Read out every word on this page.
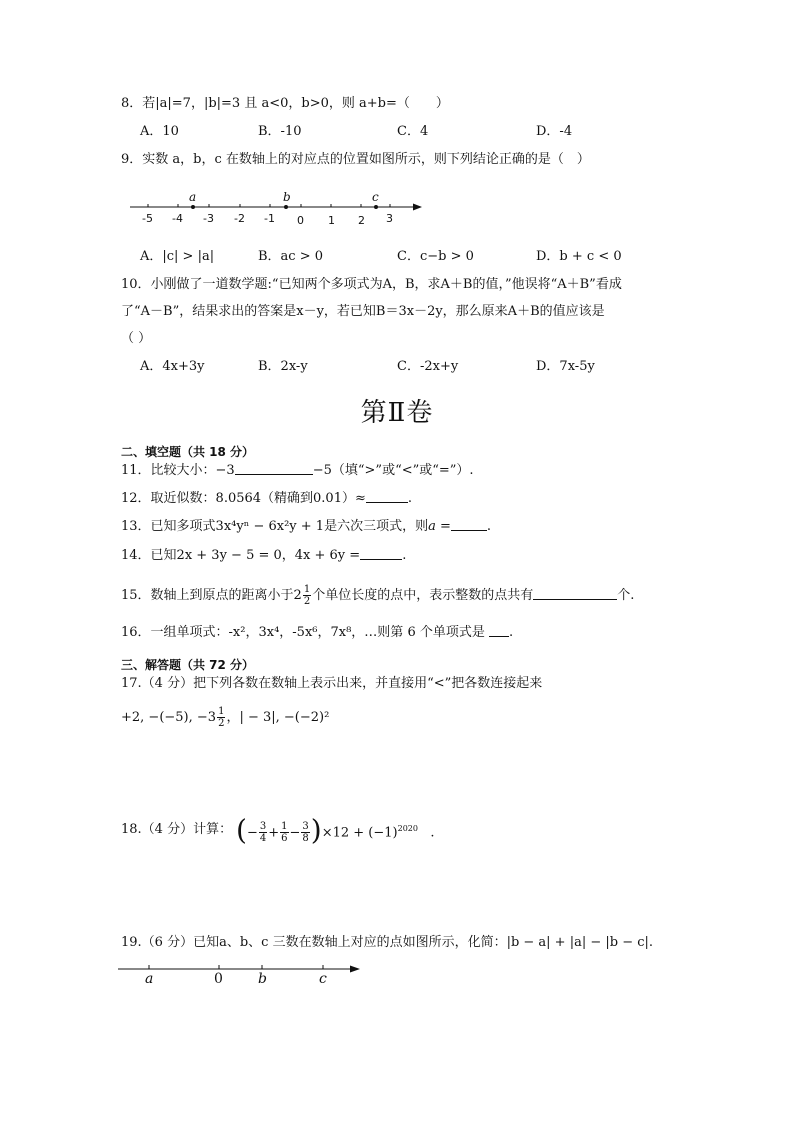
8．若|a|=7，|b|=3 且 a<0，b>0，则 a+b=（　　）
A．10	B．-10	C．4	D．-4
9．实数 a，b，c 在数轴上的对应点的位置如图所示，则下列结论正确的是（　）
a	b	c
-5 -4 -3 -2 -1 0 1 2 3
A．|c| > |a|	B．ac > 0	C．c−b > 0	D．b + c < 0
10．小刚做了一道数学题:“已知两个多项式为A，B，求A＋B的值，”他误将“A＋B”看成
了“A－B”，结果求出的答案是x－y，若已知B＝3x－2y，那么原来A＋B的值应该是
（ ）
A．4x+3y	B．2x-y	C．-2x+y	D．7x-5y
第Ⅱ卷
二、填空题（共 18 分）
11．比较大小：−3	−5（填“>”或“<”或“=”）.
12．取近似数：8.0564（精确到0.01）≈	.
13．已知多项式3x⁴yⁿ − 6x²y + 1是六次三项式，则a =	.
14．已知2x + 3y − 5 = 0，4x + 6y =	.
15．数轴上到原点的距离小于$2 \frac{1}{2}$ 个单位长度的点中，表示整数的点共有	个.
16．一组单项式：-x²，3x⁴，-5x⁶，7x⁸，…则第 6 个单项式是 .
三、解答题（共 72 分）
17.（4 分）把下列各数在数轴上表示出来，并直接用“<”把各数连接起来
+2, −(−5), $-3 \frac{1}{2}$ ，| − 3|, −(−2)²
18.（4 分）计算： (− $\frac{3}{4} + \frac{1}{6} - \frac{3}{8} )\times 12 + (-1)^{2020}$ .
19.（6 分）已知a、b、c 三数在数轴上对应的点如图所示，化简：|b − a| + |a| − |b − c|.
a	0	b	c
